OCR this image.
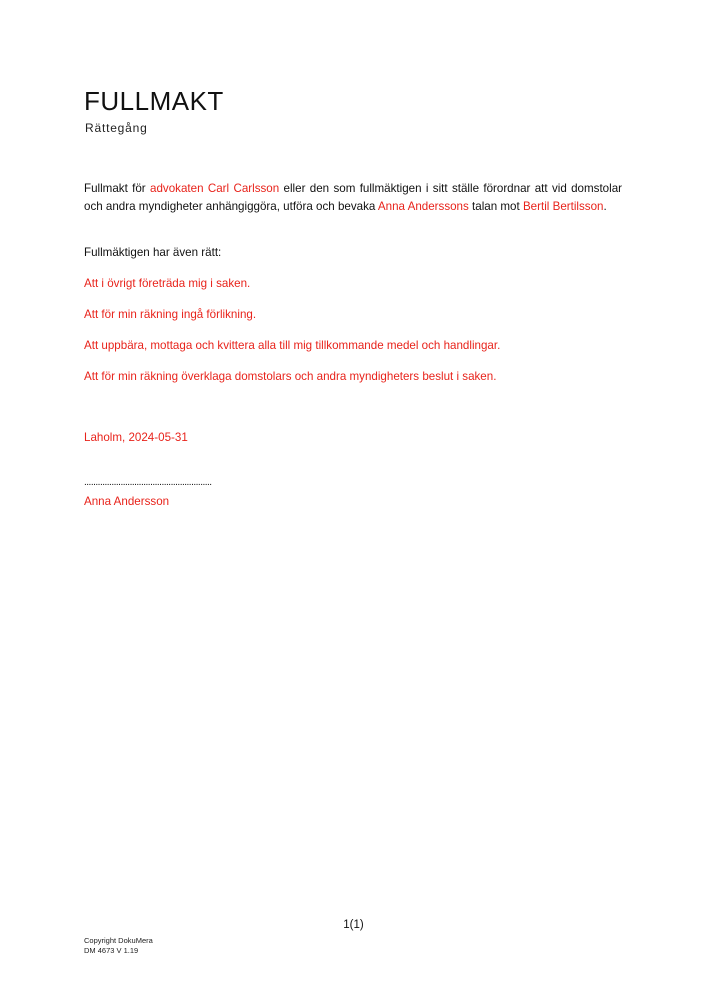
FULLMAKT

Rättegång

Fullmakt för advokaten Carl Carlsson eller den som fullmäktigen i sitt ställe förordnar att vid domstolar och andra myndigheter anhängiggöra, utföra och bevaka Anna Anderssons talan mot Bertil Bertilsson.

Fullmäktigen har även rätt:

Att i övrigt företräda mig i saken.

Att för min räkning ingå förlikning.

Att uppbära, mottaga och kvittera alla till mig tillkommande medel och handlingar.

Att för min räkning överklaga domstolars och andra myndigheters beslut i saken.

Laholm, 2024-05-31

........................................................

Anna Andersson

1(1)

Copyright DokuMera

DM 4673 V 1.19
